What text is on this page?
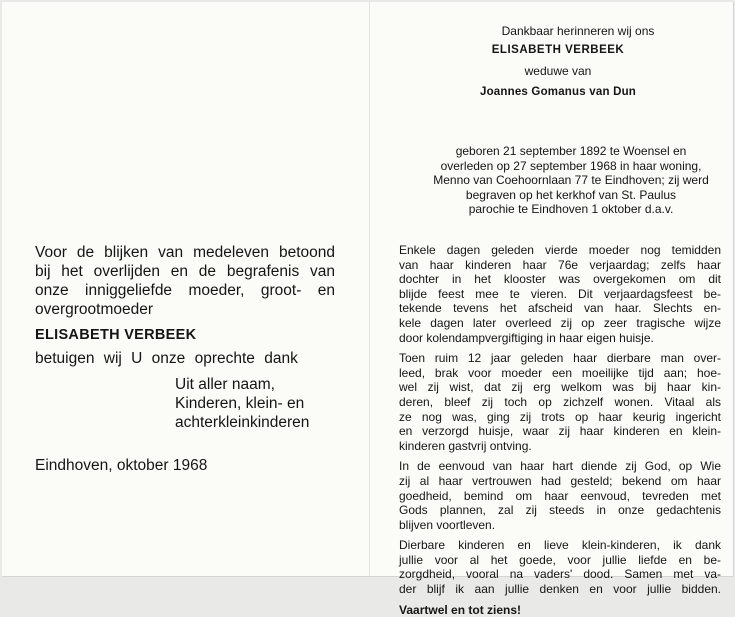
Voor de blijken van medeleven betoond
bij het overlijden en de begrafenis van
onze inniggeliefde moeder, groot- en
overgrootmoeder
ELISABETH VERBEEK
betuigen wij U onze oprechte dank
Uit aller naam,
Kinderen, klein- en
achterkleinkinderen
Eindhoven, oktober 1968
Dankbaar herinneren wij ons
ELISABETH VERBEEK
weduwe van
Joannes Gomanus van Dun
geboren 21 september 1892 te Woensel en
overleden op 27 september 1968 in haar woning,
Menno van Coehoornlaan 77 te Eindhoven; zij werd
begraven op het kerkhof van St. Paulus
parochie te Eindhoven 1 oktober d.a.v.
Enkele dagen geleden vierde moeder nog temidden
van haar kinderen haar 76e verjaardag; zelfs haar
dochter in het klooster was overgekomen om dit
blijde feest mee te vieren. Dit verjaardagsfeest be-
tekende tevens het afscheid van haar. Slechts en-
kele dagen later overleed zij op zeer tragische wijze
door kolendampvergiftiging in haar eigen huisje.
Toen ruim 12 jaar geleden haar dierbare man over-
leed, brak voor moeder een moeilijke tijd aan; hoe-
wel zij wist, dat zij erg welkom was bij haar kin-
deren, bleef zij toch op zichzelf wonen. Vitaal als
ze nog was, ging zij trots op haar keurig ingericht
en verzorgd huisje, waar zij haar kinderen en klein-
kinderen gastvrij ontving.
In de eenvoud van haar hart diende zij God, op Wie
zij al haar vertrouwen had gesteld; bekend om haar
goedheid, bemind om haar eenvoud, tevreden met
Gods plannen, zal zij steeds in onze gedachtenis
blijven voortleven.
Dierbare kinderen en lieve klein-kinderen, ik dank
jullie voor al het goede, voor jullie liefde en be-
zorgdheid, vooral na vaders' dood. Samen met va-
der blijf ik aan jullie denken en voor jullie bidden.
Vaartwel en tot ziens!
